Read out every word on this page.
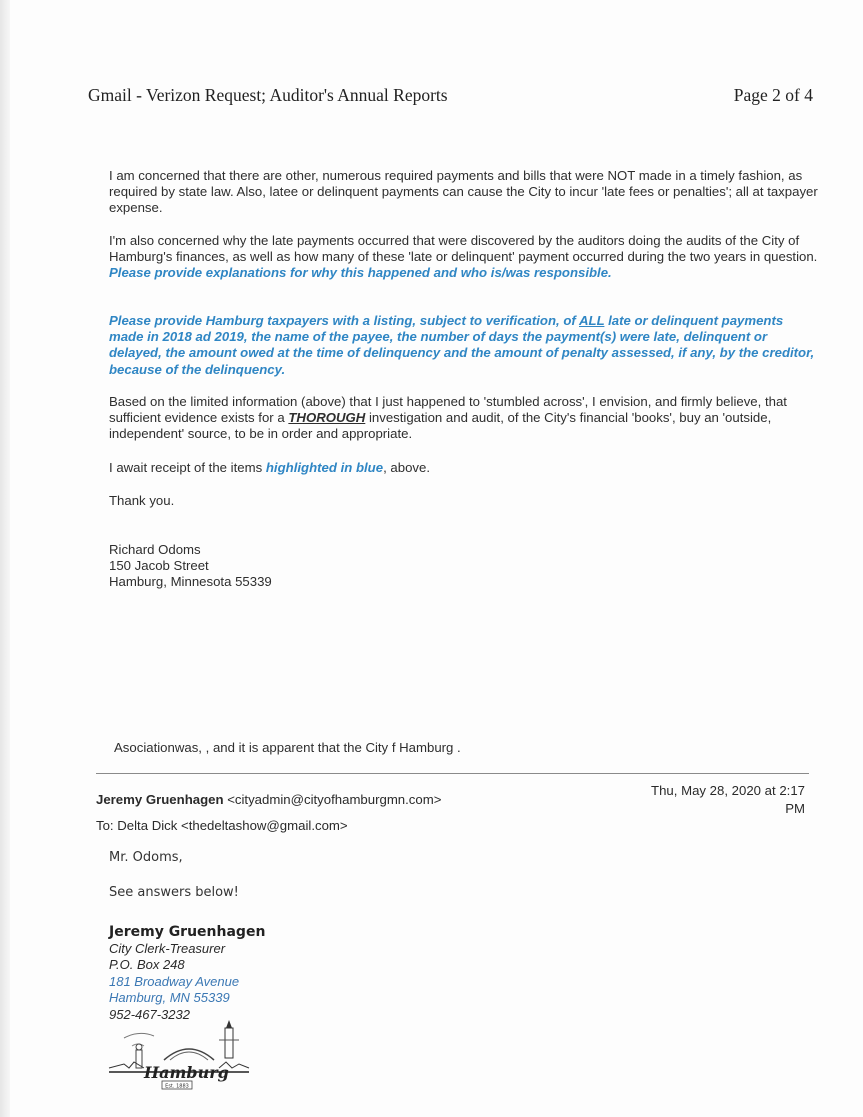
Gmail - Verizon Request; Auditor's Annual Reports	Page 2 of 4

I am concerned that there are other, numerous required payments and bills that were NOT made in a timely fashion, as required by state law. Also, latee or delinquent payments can cause the City to incur 'late fees or penalties'; all at taxpayer expense.

I'm also concerned why the late payments occurred that were discovered by the auditors doing the audits of the City of Hamburg's finances, as well as how many of these 'late or delinquent' payment occurred during the two years in question. Please provide explanations for why this happened and who is/was responsible.

Please provide Hamburg taxpayers with a listing, subject to verification, of ALL late or delinquent payments made in 2018 ad 2019, the name of the payee, the number of days the payment(s) were late, delinquent or delayed, the amount owed at the time of delinquency and the amount of penalty assessed, if any, by the creditor, because of the delinquency.

Based on the limited information (above) that I just happened to 'stumbled across', I envision, and firmly believe, that sufficient evidence exists for a THOROUGH investigation and audit, of the City's financial 'books', buy an 'outside, independent' source, to be in order and appropriate.

I await receipt of the items highlighted in blue, above.

Thank you.

Richard Odoms
150 Jacob Street
Hamburg, Minnesota 55339
Asociationwas, , and it is apparent that the City f Hamburg .
Jeremy Gruenhagen <cityadmin@cityofhamburgmn.com>
Thu, May 28, 2020 at 2:17
PM
To: Delta Dick <thedeltashow@gmail.com>
Mr. Odoms,
See answers below!
Jeremy Gruenhagen
City Clerk-Treasurer
P.O. Box 248
181 Broadway Avenue
Hamburg, MN 55339
952-467-3232
Hamburg
Est. 1883
